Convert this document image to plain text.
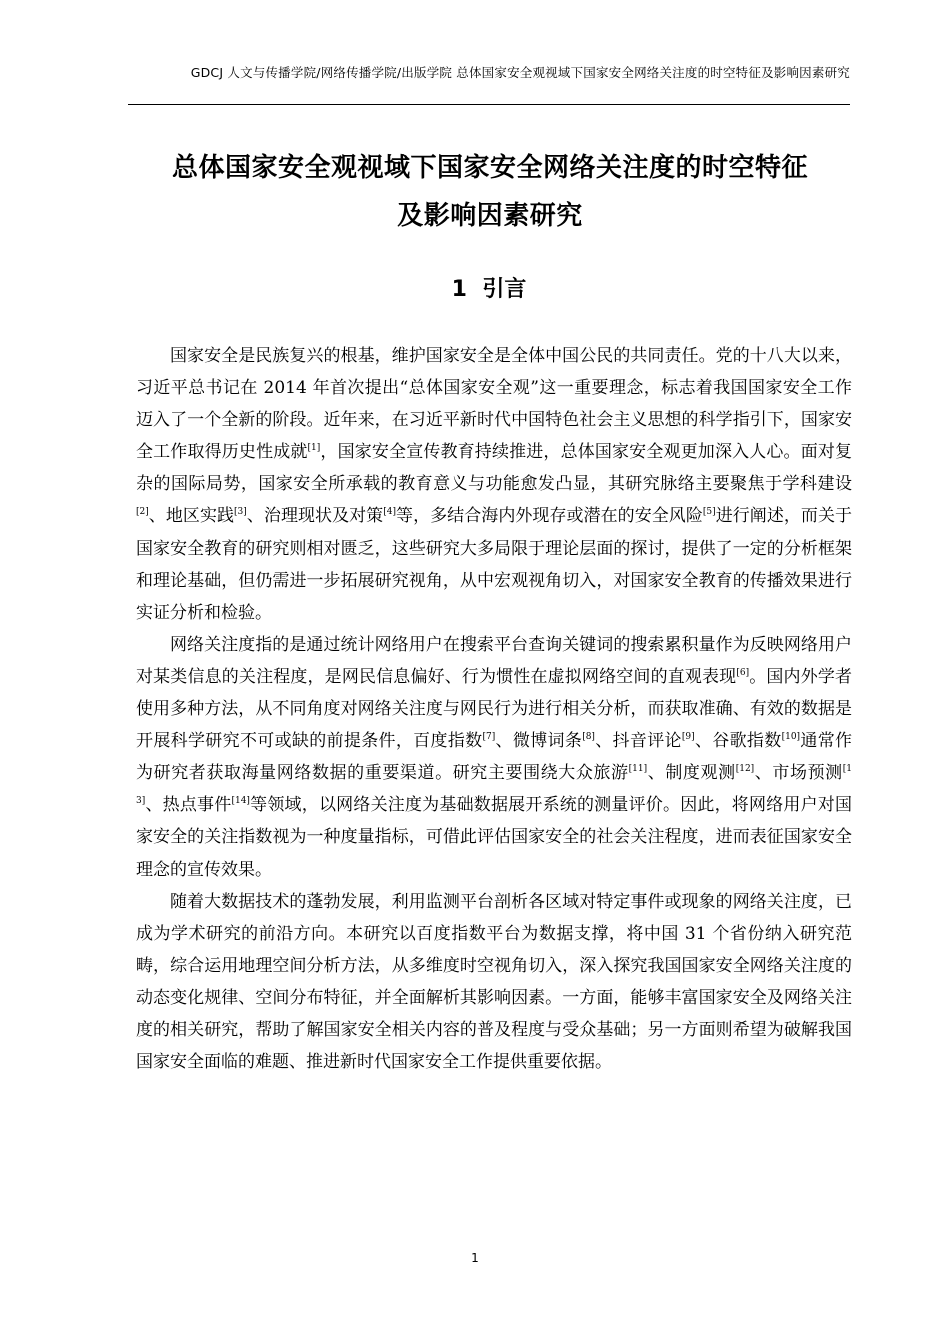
GDCJ 人文与传播学院/网络传播学院/出版学院 总体国家安全观视域下国家安全网络关注度的时空特征及影响因素研究
总体国家安全观视域下国家安全网络关注度的时空特征
及影响因素研究
1 引言

国家安全是民族复兴的根基，维护国家安全是全体中国公民的共同责任。党的十八大以来，习近平总书记在 2014 年首次提出“总体国家安全观”这一重要理念，标志着我国国家安全工作迈入了一个全新的阶段。近年来，在习近平新时代中国特色社会主义思想的科学指引下，国家安全工作取得历史性成就[1]，国家安全宣传教育持续推进，总体国家安全观更加深入人心。面对复杂的国际局势，国家安全所承载的教育意义与功能愈发凸显，其研究脉络主要聚焦于学科建设[2]、地区实践[3]、治理现状及对策[4]等，多结合海内外现存或潜在的安全风险[5]进行阐述，而关于国家安全教育的研究则相对匮乏，这些研究大多局限于理论层面的探讨，提供了一定的分析框架和理论基础，但仍需进一步拓展研究视角，从中宏观视角切入，对国家安全教育的传播效果进行实证分析和检验。

网络关注度指的是通过统计网络用户在搜索平台查询关键词的搜索累积量作为反映网络用户对某类信息的关注程度，是网民信息偏好、行为惯性在虚拟网络空间的直观表现[6]。国内外学者使用多种方法，从不同角度对网络关注度与网民行为进行相关分析，而获取准确、有效的数据是开展科学研究不可或缺的前提条件，百度指数[7]、微博词条[8]、抖音评论[9]、谷歌指数[10]通常作为研究者获取海量网络数据的重要渠道。研究主要围绕大众旅游[11]、制度观测[12]、市场预测[13]、热点事件[14]等领域，以网络关注度为基础数据展开系统的测量评价。因此，将网络用户对国家安全的关注指数视为一种度量指标，可借此评估国家安全的社会关注程度，进而表征国家安全理念的宣传效果。

随着大数据技术的蓬勃发展，利用监测平台剖析各区域对特定事件或现象的网络关注度，已成为学术研究的前沿方向。本研究以百度指数平台为数据支撑，将中国 31 个省份纳入研究范畴，综合运用地理空间分析方法，从多维度时空视角切入，深入探究我国国家安全网络关注度的动态变化规律、空间分布特征，并全面解析其影响因素。一方面，能够丰富国家安全及网络关注度的相关研究，帮助了解国家安全相关内容的普及程度与受众基础；另一方面则希望为破解我国国家安全面临的难题、推进新时代国家安全工作提供重要依据。

1
